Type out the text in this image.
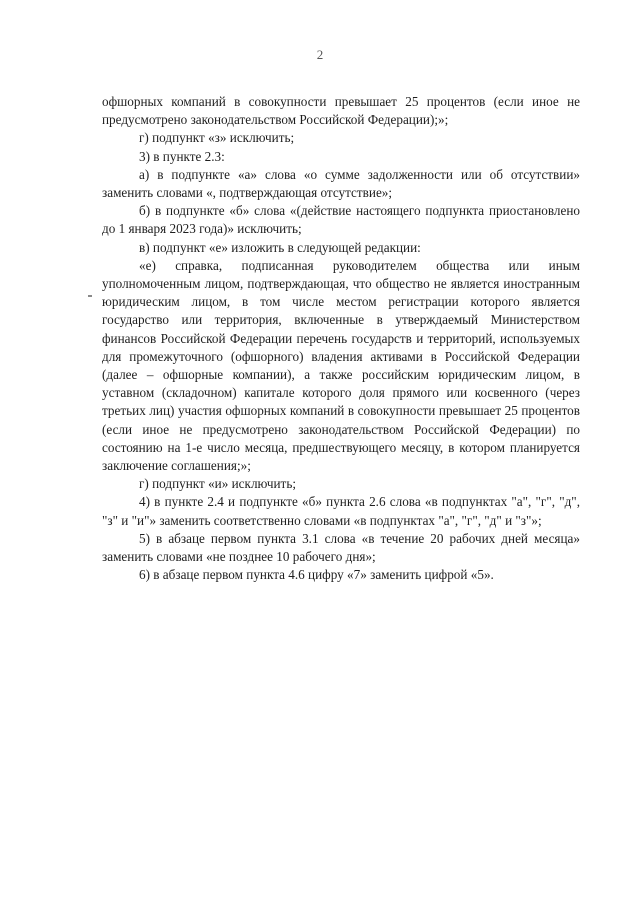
2

офшорных компаний в совокупности превышает 25 процентов (если иное не предусмотрено законодательством Российской Федерации);»;

г) подпункт «з» исключить;

3) в пункте 2.3:

а) в подпункте «а» слова «о сумме задолженности или об отсутствии» заменить словами «, подтверждающая отсутствие»;

б) в подпункте «б» слова «(действие настоящего подпункта приостановлено до 1 января 2023 года)» исключить;

в) подпункт «е» изложить в следующей редакции:

«е) справка, подписанная руководителем общества или иным уполномоченным лицом, подтверждающая, что общество не является иностранным юридическим лицом, в том числе местом регистрации которого является государство или территория, включенные в утверждаемый Министерством финансов Российской Федерации перечень государств и территорий, используемых для промежуточного (офшорного) владения активами в Российской Федерации (далее – офшорные компании), а также российским юридическим лицом, в уставном (складочном) капитале которого доля прямого или косвенного (через третьих лиц) участия офшорных компаний в совокупности превышает 25 процентов (если иное не предусмотрено законодательством Российской Федерации) по состоянию на 1-е число месяца, предшествующего месяцу, в котором планируется заключение соглашения;»;

г) подпункт «и» исключить;

4) в пункте 2.4 и подпункте «б» пункта 2.6 слова «в подпунктах "а", "г", "д", "з" и "и"» заменить соответственно словами «в подпунктах "а", "г", "д" и "з"»;

5) в абзаце первом пункта 3.1 слова «в течение 20 рабочих дней месяца» заменить словами «не позднее 10 рабочего дня»;

6) в абзаце первом пункта 4.6 цифру «7» заменить цифрой «5».
